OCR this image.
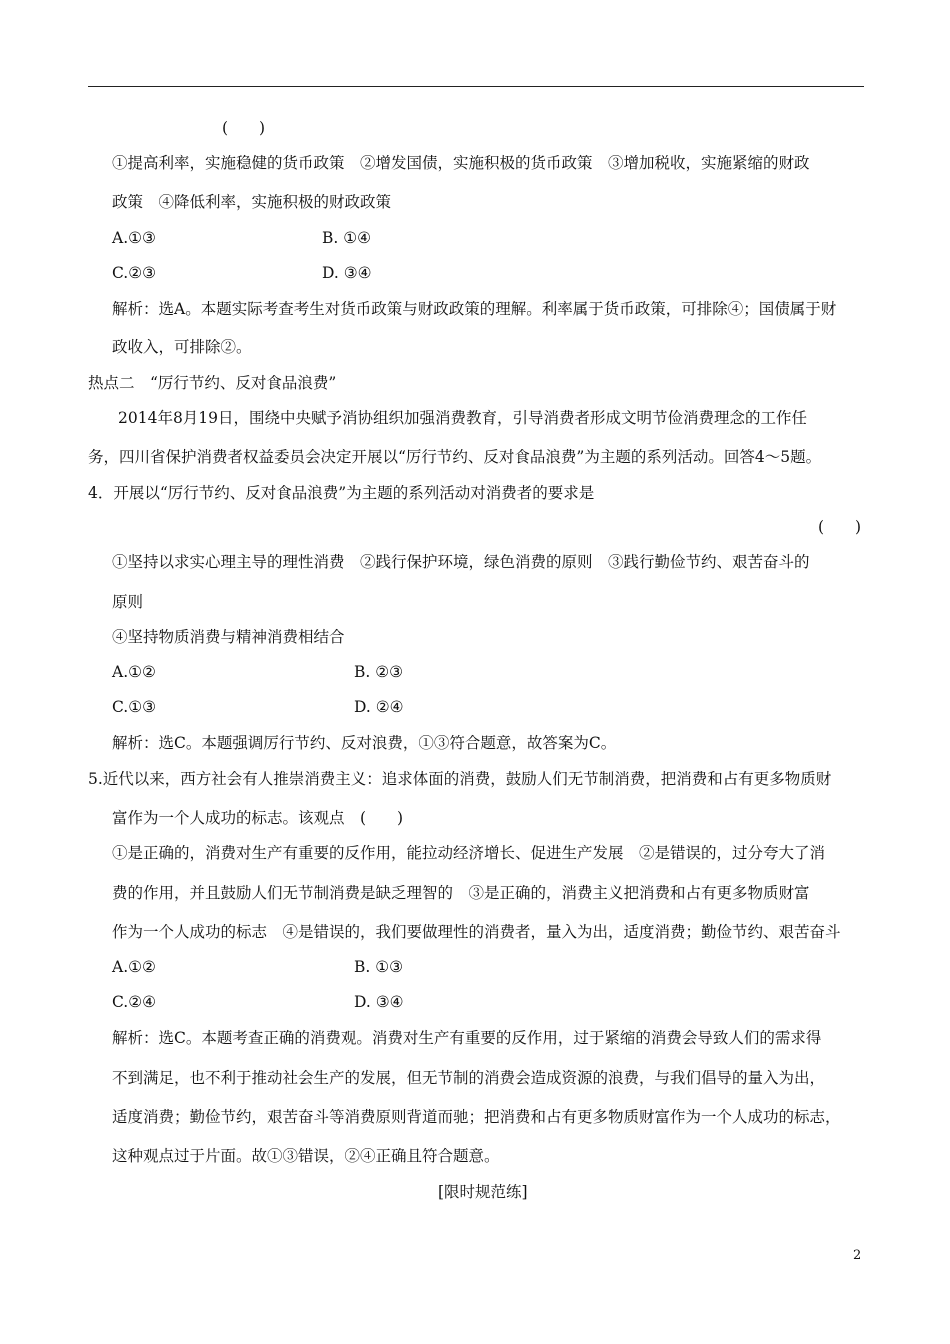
(　　)
①提高利率，实施稳健的货币政策　②增发国债，实施积极的货币政策　③增加税收，实施紧缩的财政
政策　④降低利率，实施积极的财政政策
A.①③	B. ①④
C.②③	D. ③④
解析：选A。本题实际考查考生对货币政策与财政政策的理解。利率属于货币政策，可排除④；国债属于财
政收入，可排除②。
热点二　“厉行节约、反对食品浪费”
2014年8月19日，围绕中央赋予消协组织加强消费教育，引导消费者形成文明节俭消费理念的工作任
务，四川省保护消费者权益委员会决定开展以“厉行节约、反对食品浪费”为主题的系列活动。回答4～5题。
4．开展以“厉行节约、反对食品浪费”为主题的系列活动对消费者的要求是
(　　)
①坚持以求实心理主导的理性消费　②践行保护环境，绿色消费的原则　③践行勤俭节约、艰苦奋斗的
原则
④坚持物质消费与精神消费相结合
A.①②	B. ②③
C.①③	D. ②④
解析：选C。本题强调厉行节约、反对浪费，①③符合题意，故答案为C。
5.近代以来，西方社会有人推崇消费主义：追求体面的消费，鼓励人们无节制消费，把消费和占有更多物质财
富作为一个人成功的标志。该观点　(　　)
①是正确的，消费对生产有重要的反作用，能拉动经济增长、促进生产发展　②是错误的，过分夸大了消
费的作用，并且鼓励人们无节制消费是缺乏理智的　③是正确的，消费主义把消费和占有更多物质财富
作为一个人成功的标志　④是错误的，我们要做理性的消费者，量入为出，适度消费；勤俭节约、艰苦奋斗
A.①②	B. ①③
C.②④	D. ③④
解析：选C。本题考查正确的消费观。消费对生产有重要的反作用，过于紧缩的消费会导致人们的需求得
不到满足，也不利于推动社会生产的发展，但无节制的消费会造成资源的浪费，与我们倡导的量入为出，
适度消费；勤俭节约，艰苦奋斗等消费原则背道而驰；把消费和占有更多物质财富作为一个人成功的标志，
这种观点过于片面。故①③错误，②④正确且符合题意。
[限时规范练]
2
